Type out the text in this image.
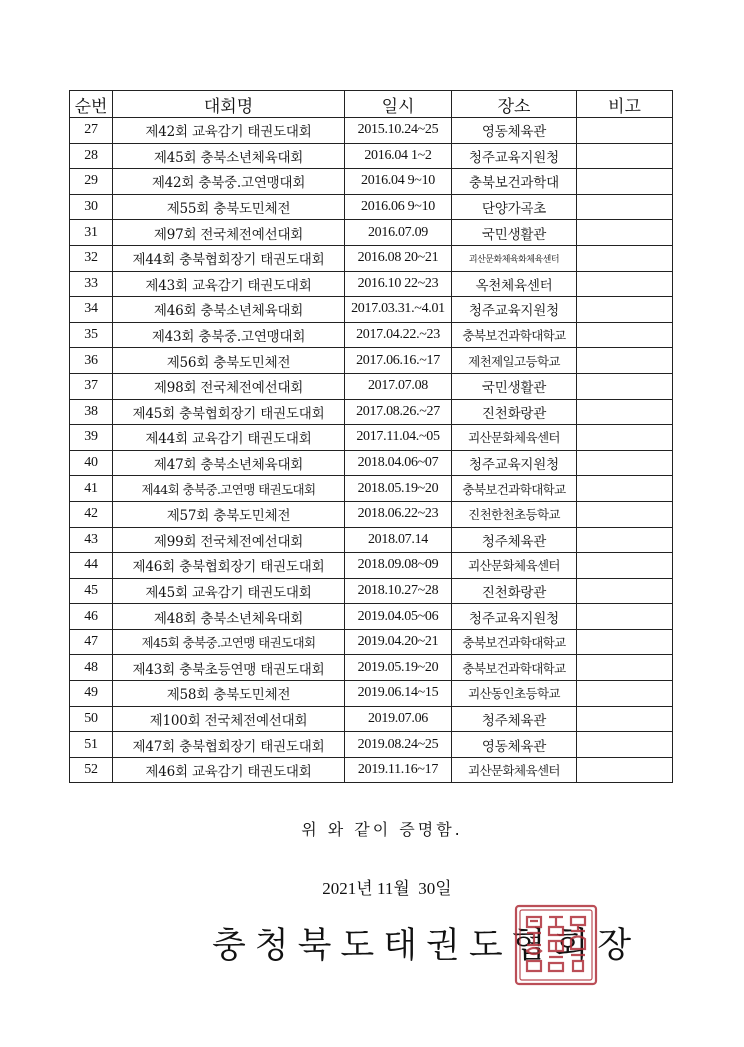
순번	대회명	일시	장소	비고
27	제42회 교육감기 태권도대회	2015.10.24~25	영동체육관	
28	제45회 충북소년체육대회	2016.04 1~2	청주교육지원청	
29	제42회 충북중.고연맹대회	2016.04 9~10	충북보건과학대	
30	제55회 충북도민체전	2016.06 9~10	단양가곡초	
31	제97회 전국체전예선대회	2016.07.09	국민생활관	
32	제44회 충북협회장기 태권도대회	2016.08 20~21	괴산문화체육화체육센터	
33	제43회 교육감기 태권도대회	2016.10 22~23	옥천체육센터	
34	제46회 충북소년체육대회	2017.03.31.~4.01	청주교육지원청	
35	제43회 충북중.고연맹대회	2017.04.22.~23	충북보건과학대학교	
36	제56회 충북도민체전	2017.06.16.~17	제천제일고등학교	
37	제98회 전국체전예선대회	2017.07.08	국민생활관	
38	제45회 충북협회장기 태권도대회	2017.08.26.~27	진천화랑관	
39	제44회 교육감기 태권도대회	2017.11.04.~05	괴산문화체육센터	
40	제47회 충북소년체육대회	2018.04.06~07	청주교육지원청	
41	제44회 충북중.고연맹 태권도대회	2018.05.19~20	충북보건과학대학교	
42	제57회 충북도민체전	2018.06.22~23	진천한천초등학교	
43	제99회 전국체전예선대회	2018.07.14	청주체육관	
44	제46회 충북협회장기 태권도대회	2018.09.08~09	괴산문화체육센터	
45	제45회 교육감기 태권도대회	2018.10.27~28	진천화랑관	
46	제48회 충북소년체육대회	2019.04.05~06	청주교육지원청	
47	제45회 충북중.고연맹 태권도대회	2019.04.20~21	충북보건과학대학교	
48	제43회 충북초등연맹 태권도대회	2019.05.19~20	충북보건과학대학교	
49	제58회 충북도민체전	2019.06.14~15	괴산동인초등학교	
50	제100회 전국체전예선대회	2019.07.06	청주체육관	
51	제47회 충북협회장기 태권도대회	2019.08.24~25	영동체육관	
52	제46회 교육감기 태권도대회	2019.11.16~17	괴산문화체육센터	
위 와 같이 증명함.
2021년 11월  30일
충청북도태권도협회장
